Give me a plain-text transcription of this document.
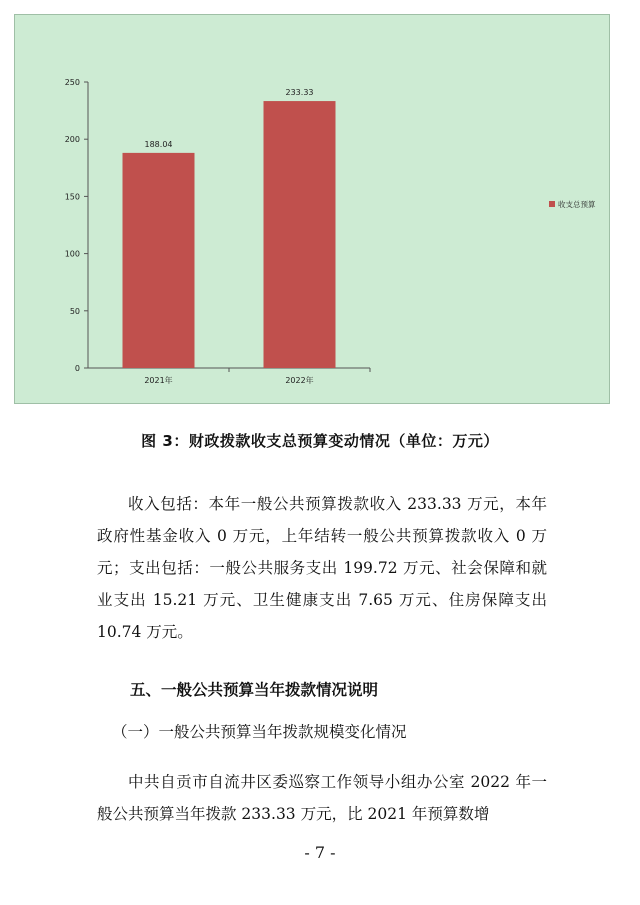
0
50
100
150
200
250
188.04
2021年
233.33
2022年
收支总预算
图 3：财政拨款收支总预算变动情况（单位：万元）

收入包括：本年一般公共预算拨款收入 233.33 万元，本年政府性基金收入 0 万元，上年结转一般公共预算拨款收入 0 万元；支出包括：一般公共服务支出 199.72 万元、社会保障和就业支出 15.21 万元、卫生健康支出 7.65 万元、住房保障支出 10.74 万元。

五、一般公共预算当年拨款情况说明
（一）一般公共预算当年拨款规模变化情况

中共自贡市自流井区委巡察工作领导小组办公室 2022 年一般公共预算当年拨款 233.33 万元，比 2021 年预算数增

- 7 -
